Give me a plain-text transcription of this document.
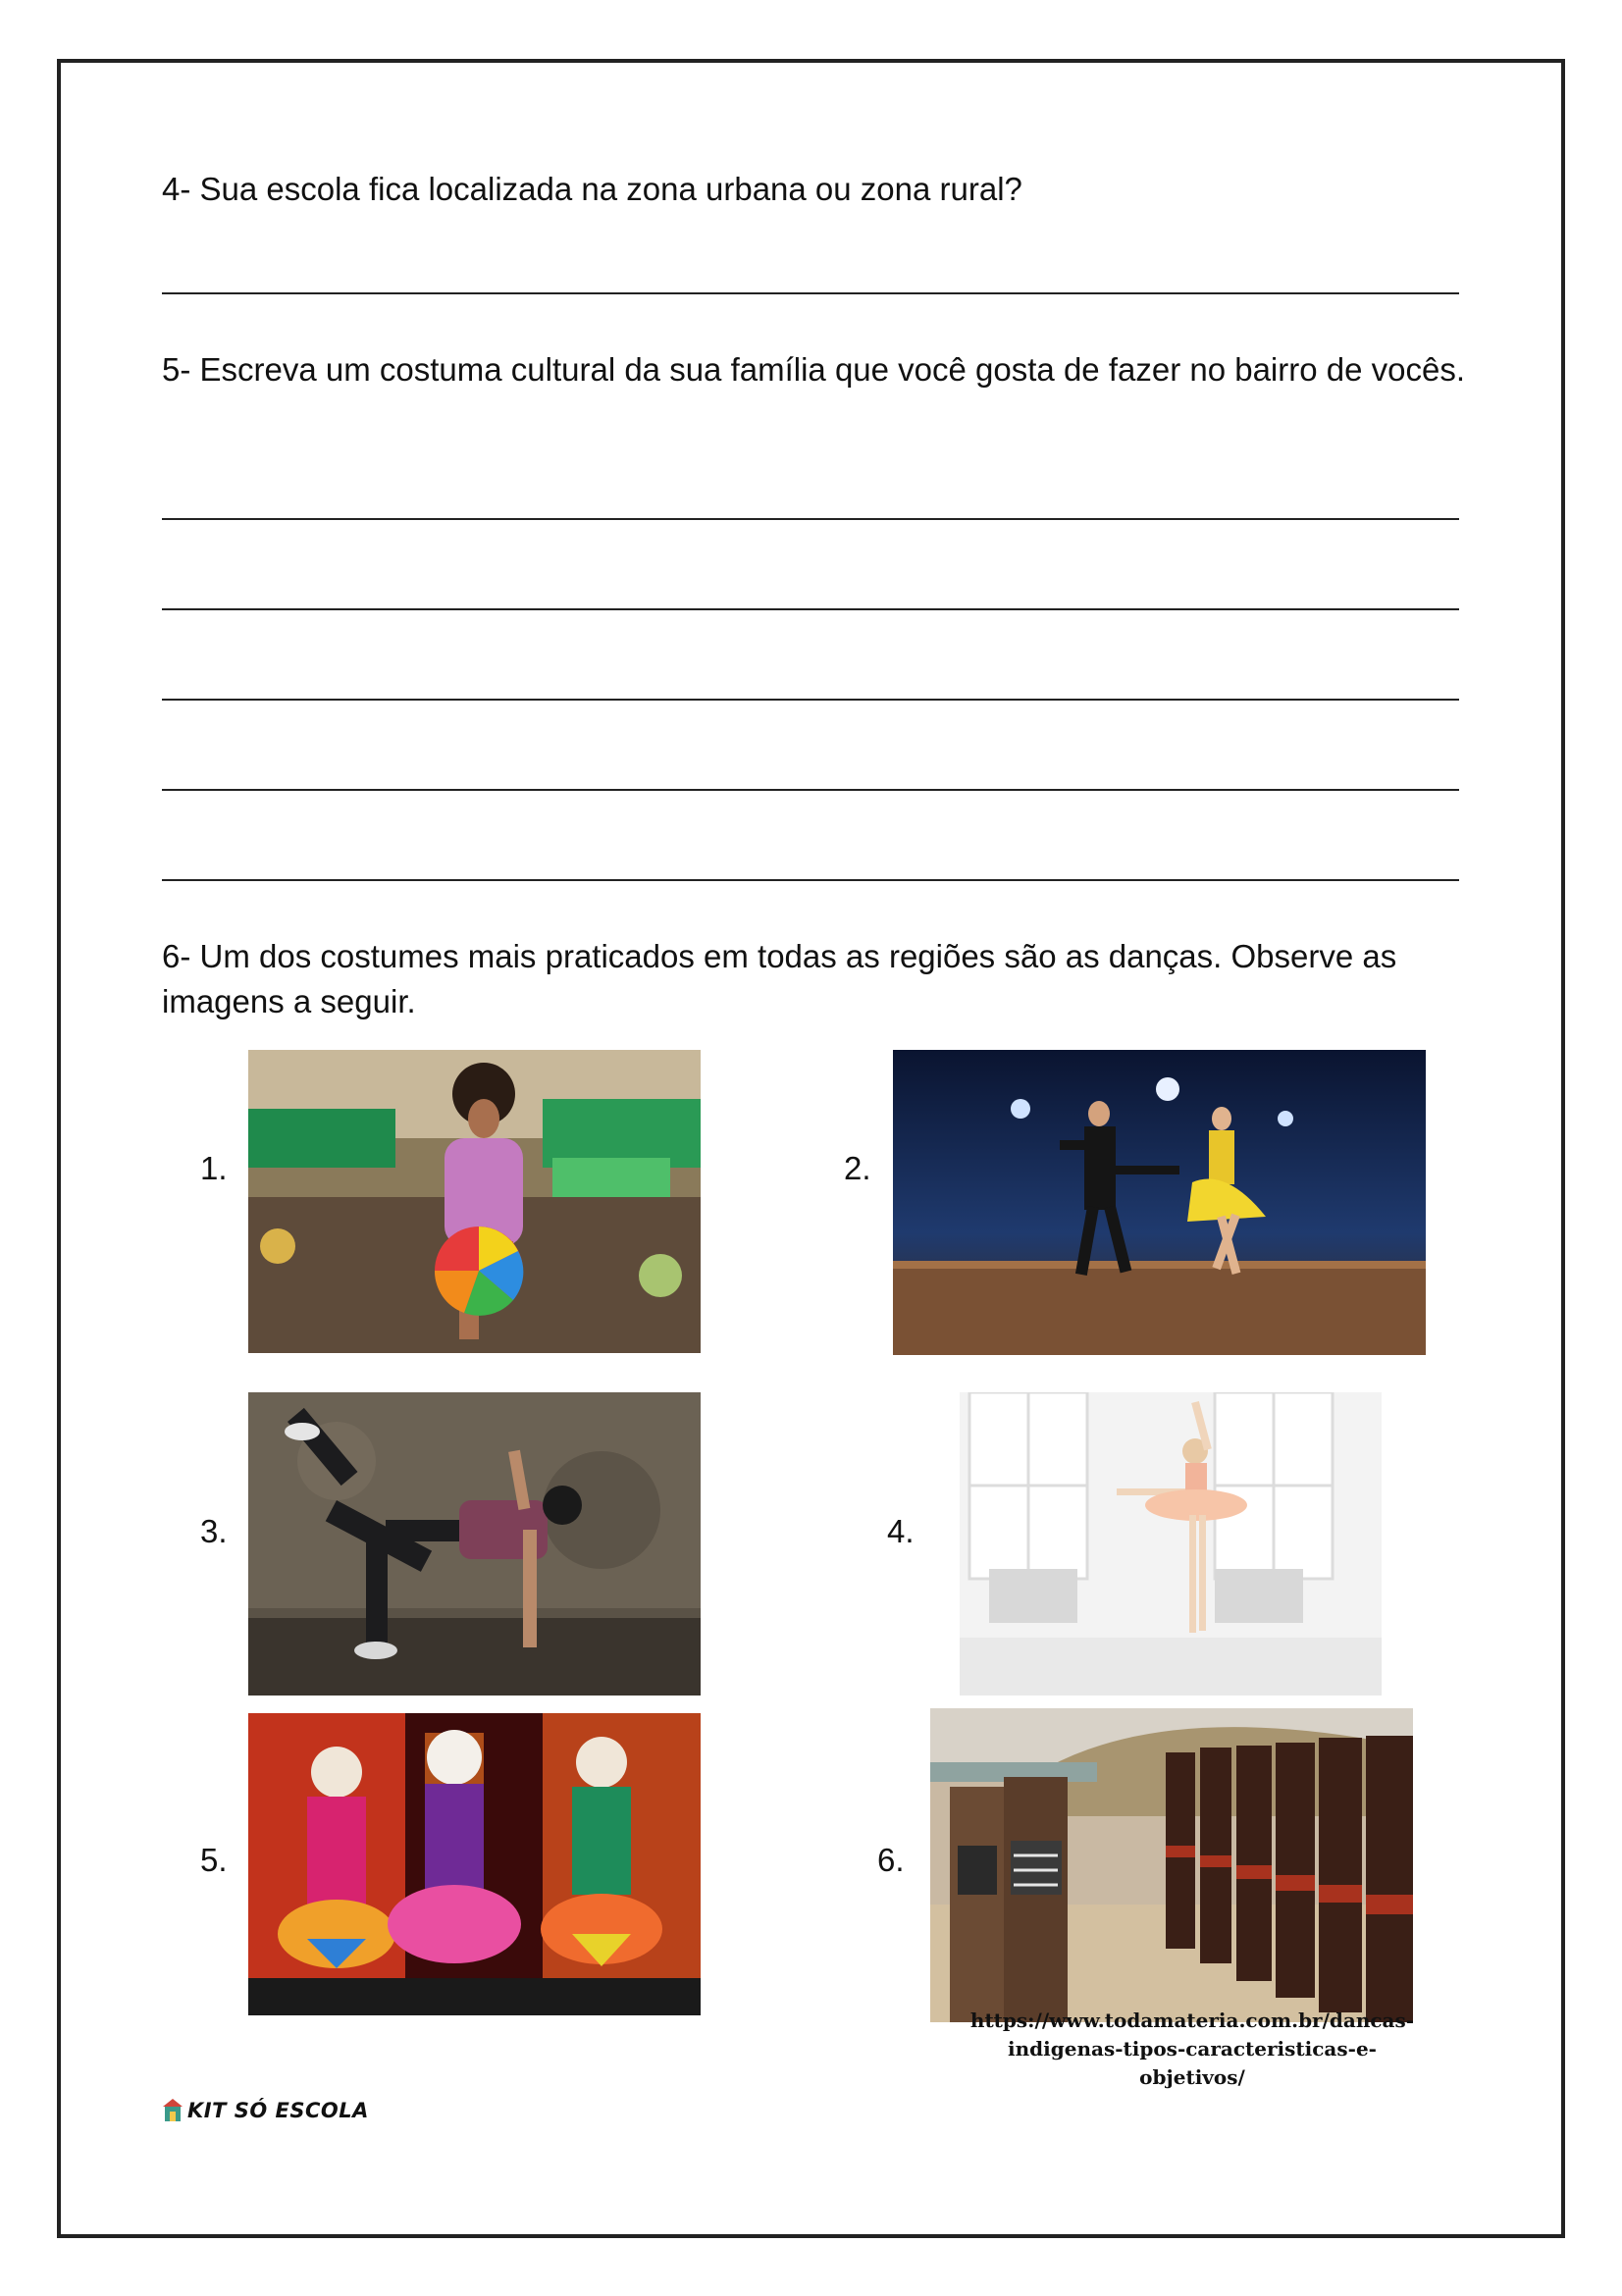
4- Sua escola fica localizada na zona urbana ou zona rural?
5- Escreva um costuma cultural da sua família que você gosta de fazer no bairro de vocês.
6- Um dos costumes mais praticados em todas as regiões são as danças. Observe as imagens a seguir.
1.	2.
3.	4.
5.	6.
https://www.todamateria.com.br/dancas-
indigenas-tipos-caracteristicas-e-objetivos/
KIT SÓ ESCOLA
